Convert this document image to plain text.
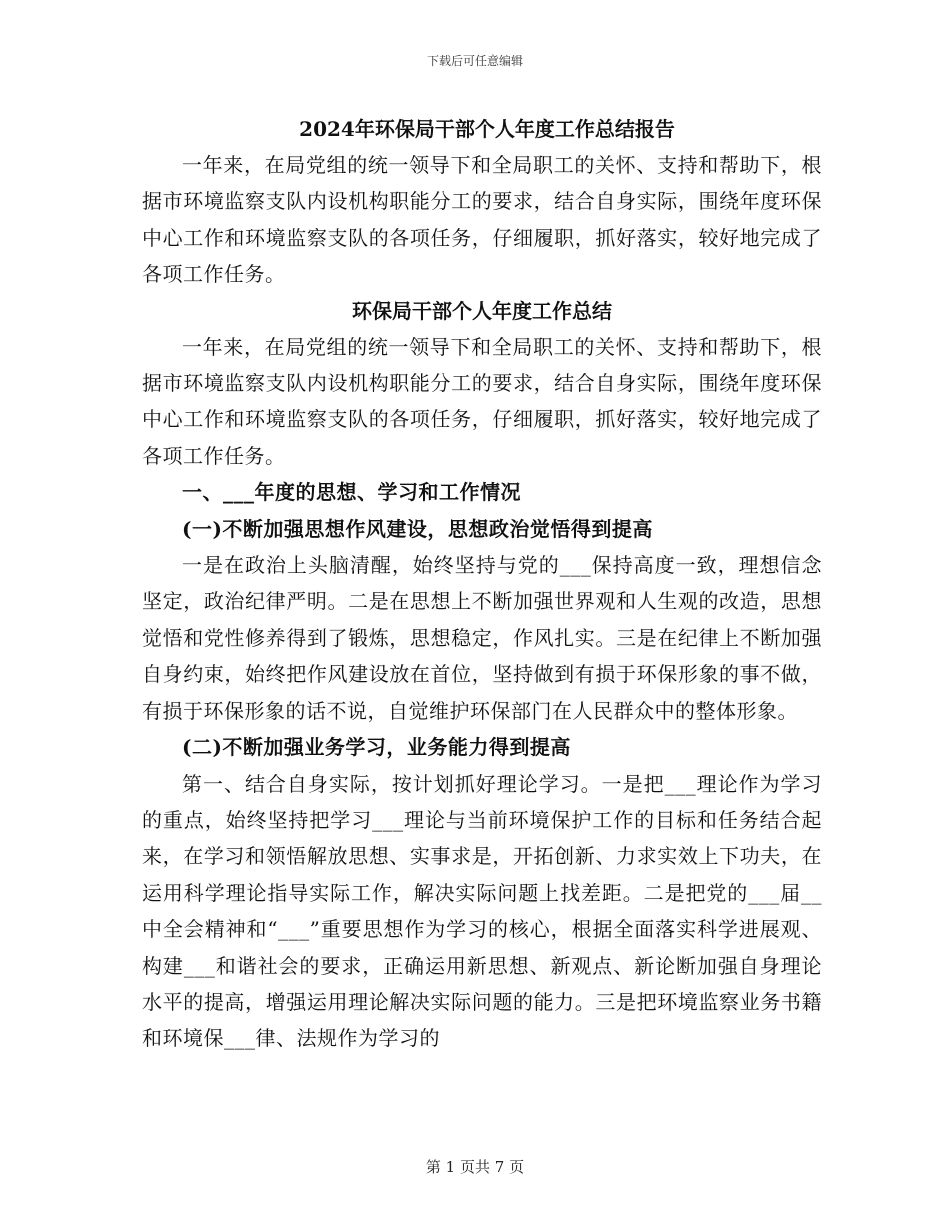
下载后可任意编辑
2024年环保局干部个人年度工作总结报告

一年来，在局党组的统一领导下和全局职工的关怀、支持和帮助下，根据市环境监察支队内设机构职能分工的要求，结合自身实际，围绕年度环保中心工作和环境监察支队的各项任务，仔细履职，抓好落实，较好地完成了各项工作任务。

环保局干部个人年度工作总结

一年来，在局党组的统一领导下和全局职工的关怀、支持和帮助下，根据市环境监察支队内设机构职能分工的要求，结合自身实际，围绕年度环保中心工作和环境监察支队的各项任务，仔细履职，抓好落实，较好地完成了各项工作任务。

一、___年度的思想、学习和工作情况

(一)不断加强思想作风建设，思想政治觉悟得到提高

一是在政治上头脑清醒，始终坚持与党的___保持高度一致，理想信念坚定，政治纪律严明。二是在思想上不断加强世界观和人生观的改造，思想觉悟和党性修养得到了锻炼，思想稳定，作风扎实。三是在纪律上不断加强自身约束，始终把作风建设放在首位，坚持做到有损于环保形象的事不做，有损于环保形象的话不说，自觉维护环保部门在人民群众中的整体形象。

(二)不断加强业务学习，业务能力得到提高

第一、结合自身实际，按计划抓好理论学习。一是把___理论作为学习的重点，始终坚持把学习___理论与当前环境保护工作的目标和任务结合起来，在学习和领悟解放思想、实事求是，开拓创新、力求实效上下功夫，在运用科学理论指导实际工作，解决实际问题上找差距。二是把党的___届__中全会精神和“___”重要思想作为学习的核心，根据全面落实科学进展观、构建___和谐社会的要求，正确运用新思想、新观点、新论断加强自身理论水平的提高，增强运用理论解决实际问题的能力。三是把环境监察业务书籍和环境保___律、法规作为学习的

第 1 页共 7 页
